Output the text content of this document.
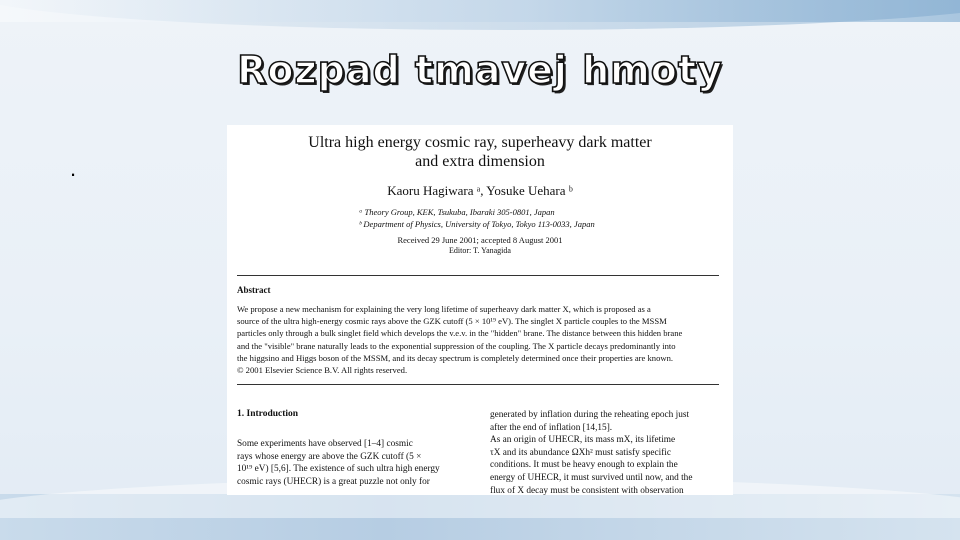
Rozpad tmavej hmoty
.
Ultra high energy cosmic ray, superheavy dark matter
and extra dimension
Kaoru Hagiwara ᵃ, Yosuke Uehara ᵇ
ᵃ Theory Group, KEK, Tsukuba, Ibaraki 305-0801, Japan
ᵇ Department of Physics, University of Tokyo, Tokyo 113-0033, Japan
Received 29 June 2001; accepted 8 August 2001
Editor: T. Yanagida
Abstract
We propose a new mechanism for explaining the very long lifetime of superheavy dark matter X, which is proposed as a
source of the ultra high-energy cosmic rays above the GZK cutoff (5 × 10¹⁹ eV). The singlet X particle couples to the MSSM
particles only through a bulk singlet field which develops the v.e.v. in the "hidden" brane. The distance between this hidden brane
and the "visible" brane naturally leads to the exponential suppression of the coupling. The X particle decays predominantly into
the higgsino and Higgs boson of the MSSM, and its decay spectrum is completely determined once their properties are known.
© 2001 Elsevier Science B.V. All rights reserved.
1. Introduction
Some experiments have observed [1–4] cosmic
rays whose energy are above the GZK cutoff (5 ×
10¹⁹ eV) [5,6]. The existence of such ultra high energy
cosmic rays (UHECR) is a great puzzle not only for
generated by inflation during the reheating epoch just
after the end of inflation [14,15].
As an origin of UHECR, its mass mX, its lifetime
τX and its abundance ΩXh² must satisfy specific
conditions. It must be heavy enough to explain the
energy of UHECR, it must survived until now, and the
flux of X decay must be consistent with observation
